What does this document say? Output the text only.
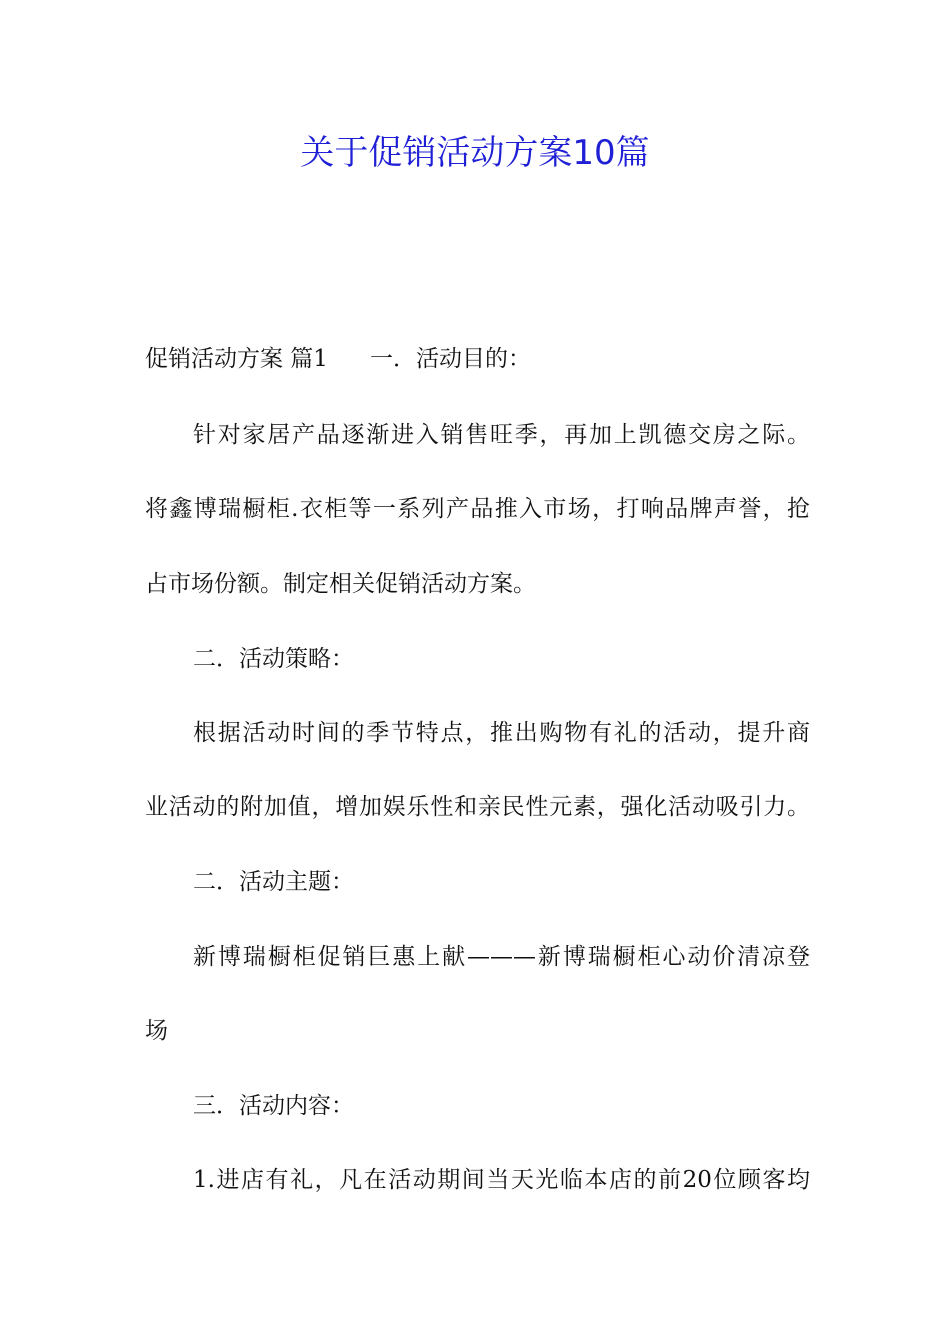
关于促销活动方案10篇

促销活动方案 篇1 一．活动目的：

针对家居产品逐渐进入销售旺季，再加上凯德交房之际。

将鑫博瑞橱柜.衣柜等一系列产品推入市场，打响品牌声誉，抢

占市场份额。制定相关促销活动方案。

二．活动策略：

根据活动时间的季节特点，推出购物有礼的活动，提升商

业活动的附加值，增加娱乐性和亲民性元素，强化活动吸引力。

二．活动主题：

新博瑞橱柜促销巨惠上献———新博瑞橱柜心动价清凉登

场

三．活动内容：

1.进店有礼，凡在活动期间当天光临本店的前20位顾客均
